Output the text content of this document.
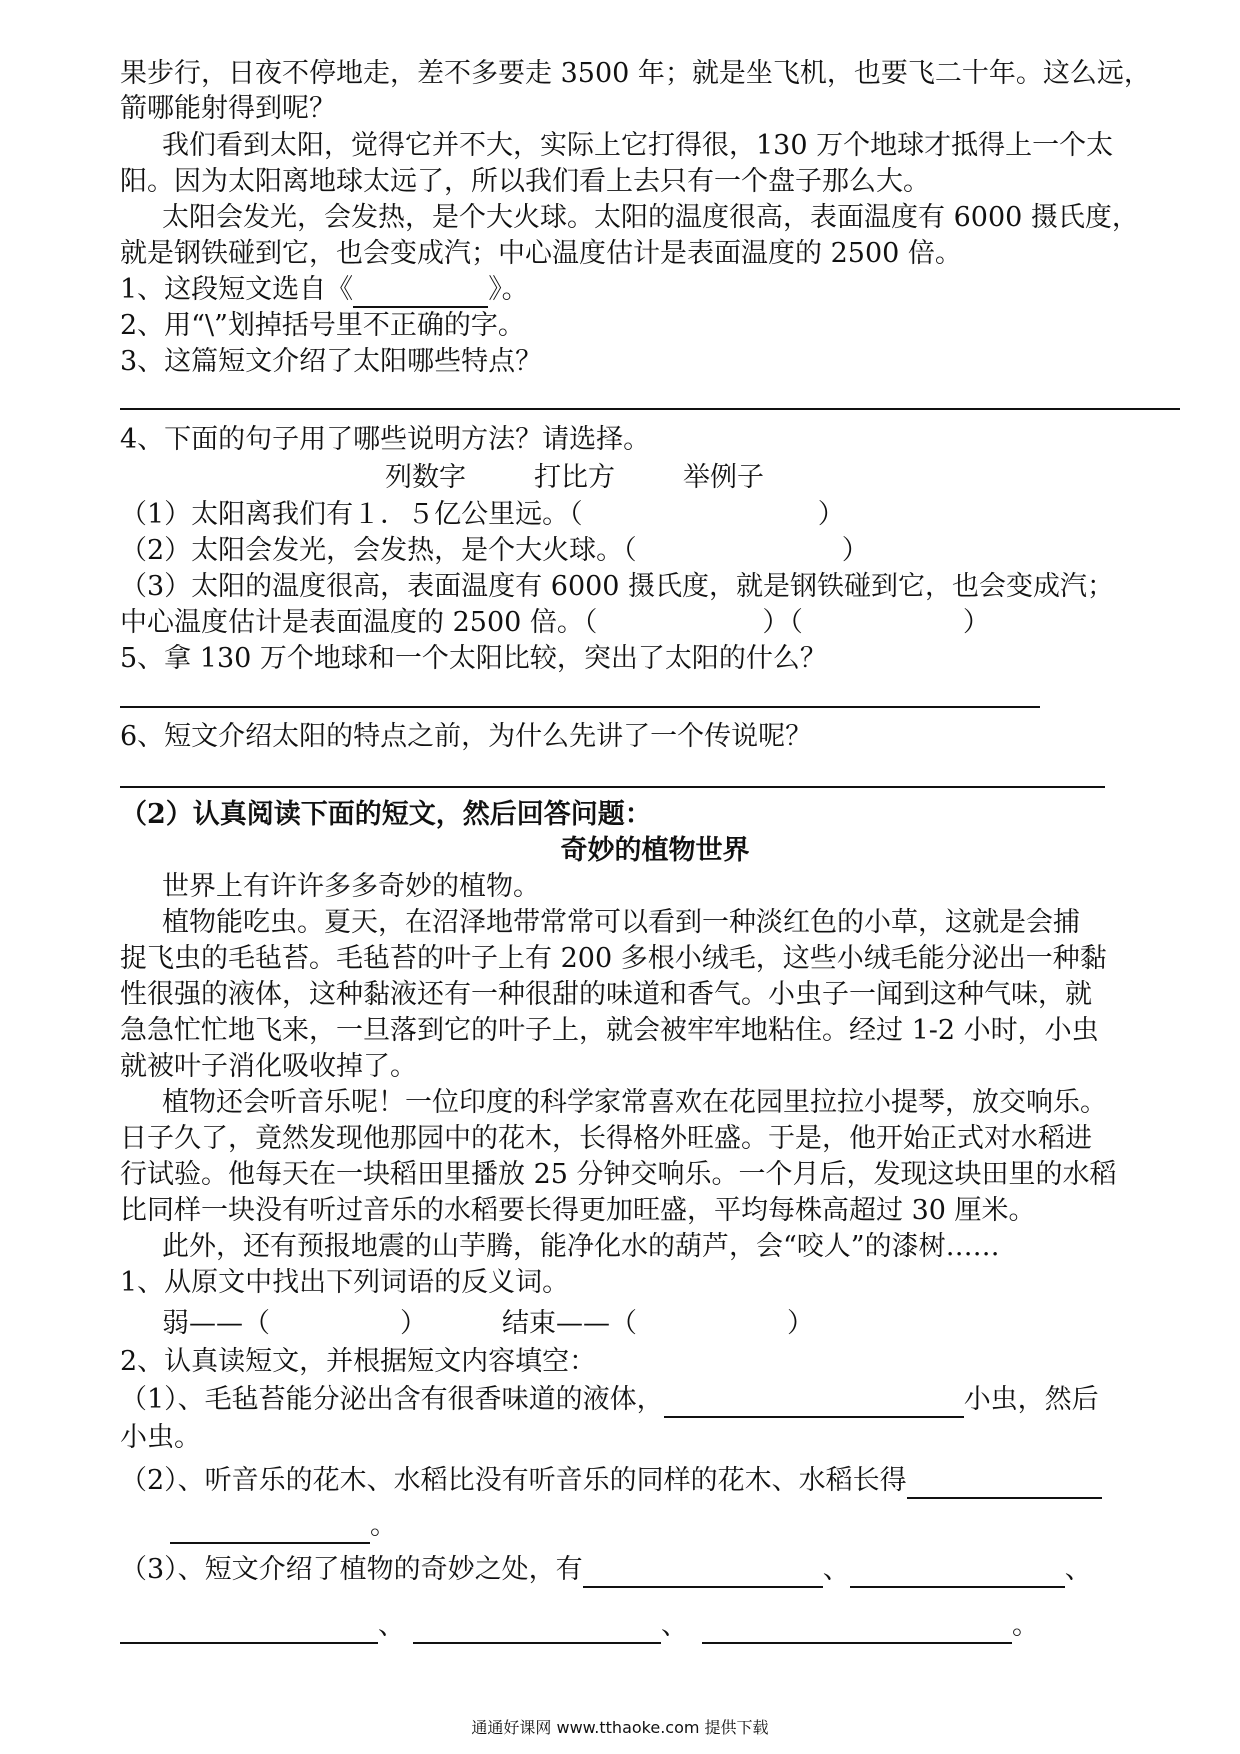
果步行，日夜不停地走，差不多要走 3500 年；就是坐飞机，也要飞二十年。这么远，
箭哪能射得到呢？
我们看到太阳，觉得它并不大，实际上它打得很，130 万个地球才抵得上一个太
阳。因为太阳离地球太远了，所以我们看上去只有一个盘子那么大。
太阳会发光，会发热，是个大火球。太阳的温度很高，表面温度有 6000 摄氏度，
就是钢铁碰到它，也会变成汽；中心温度估计是表面温度的 2500 倍。
1、这段短文选自《	》。
2、用“\”划掉括号里不正确的字。
3、这篇短文介绍了太阳哪些特点？
4、下面的句子用了哪些说明方法？请选择。
列数字	打比方	举例子
（1）太阳离我们有１．５亿公里远。（	）
（2）太阳会发光，会发热，是个大火球。（	）
（3）太阳的温度很高，表面温度有 6000 摄氏度，就是钢铁碰到它，也会变成汽；
中心温度估计是表面温度的 2500 倍。（	）（	）
5、拿 130 万个地球和一个太阳比较，突出了太阳的什么？
6、短文介绍太阳的特点之前，为什么先讲了一个传说呢？
（2）认真阅读下面的短文，然后回答问题：
奇妙的植物世界
世界上有许许多多奇妙的植物。
植物能吃虫。夏天，在沼泽地带常常可以看到一种淡红色的小草，这就是会捕
捉飞虫的毛毡苔。毛毡苔的叶子上有 200 多根小绒毛，这些小绒毛能分泌出一种黏
性很强的液体，这种黏液还有一种很甜的味道和香气。小虫子一闻到这种气味，就
急急忙忙地飞来，一旦落到它的叶子上，就会被牢牢地粘住。经过 1-2 小时，小虫
就被叶子消化吸收掉了。
植物还会听音乐呢！一位印度的科学家常喜欢在花园里拉拉小提琴，放交响乐。
日子久了，竟然发现他那园中的花木，长得格外旺盛。于是，他开始正式对水稻进
行试验。他每天在一块稻田里播放 25 分钟交响乐。一个月后，发现这块田里的水稻
比同样一块没有听过音乐的水稻要长得更加旺盛，平均每株高超过 30 厘米。
此外，还有预报地震的山芋腾，能净化水的葫芦，会“咬人”的漆树……
1、从原文中找出下列词语的反义词。
弱——（	）	结束——（	）
2、认真读短文，并根据短文内容填空：
（1）、毛毡苔能分泌出含有很香味道的液体，	小虫，然后
小虫。
（2）、听音乐的花木、水稻比没有听音乐的同样的花木、水稻长得
。
（3）、短文介绍了植物的奇妙之处，有	、	、
、	、	。
通通好课网 www.tthaoke.com 提供下载
